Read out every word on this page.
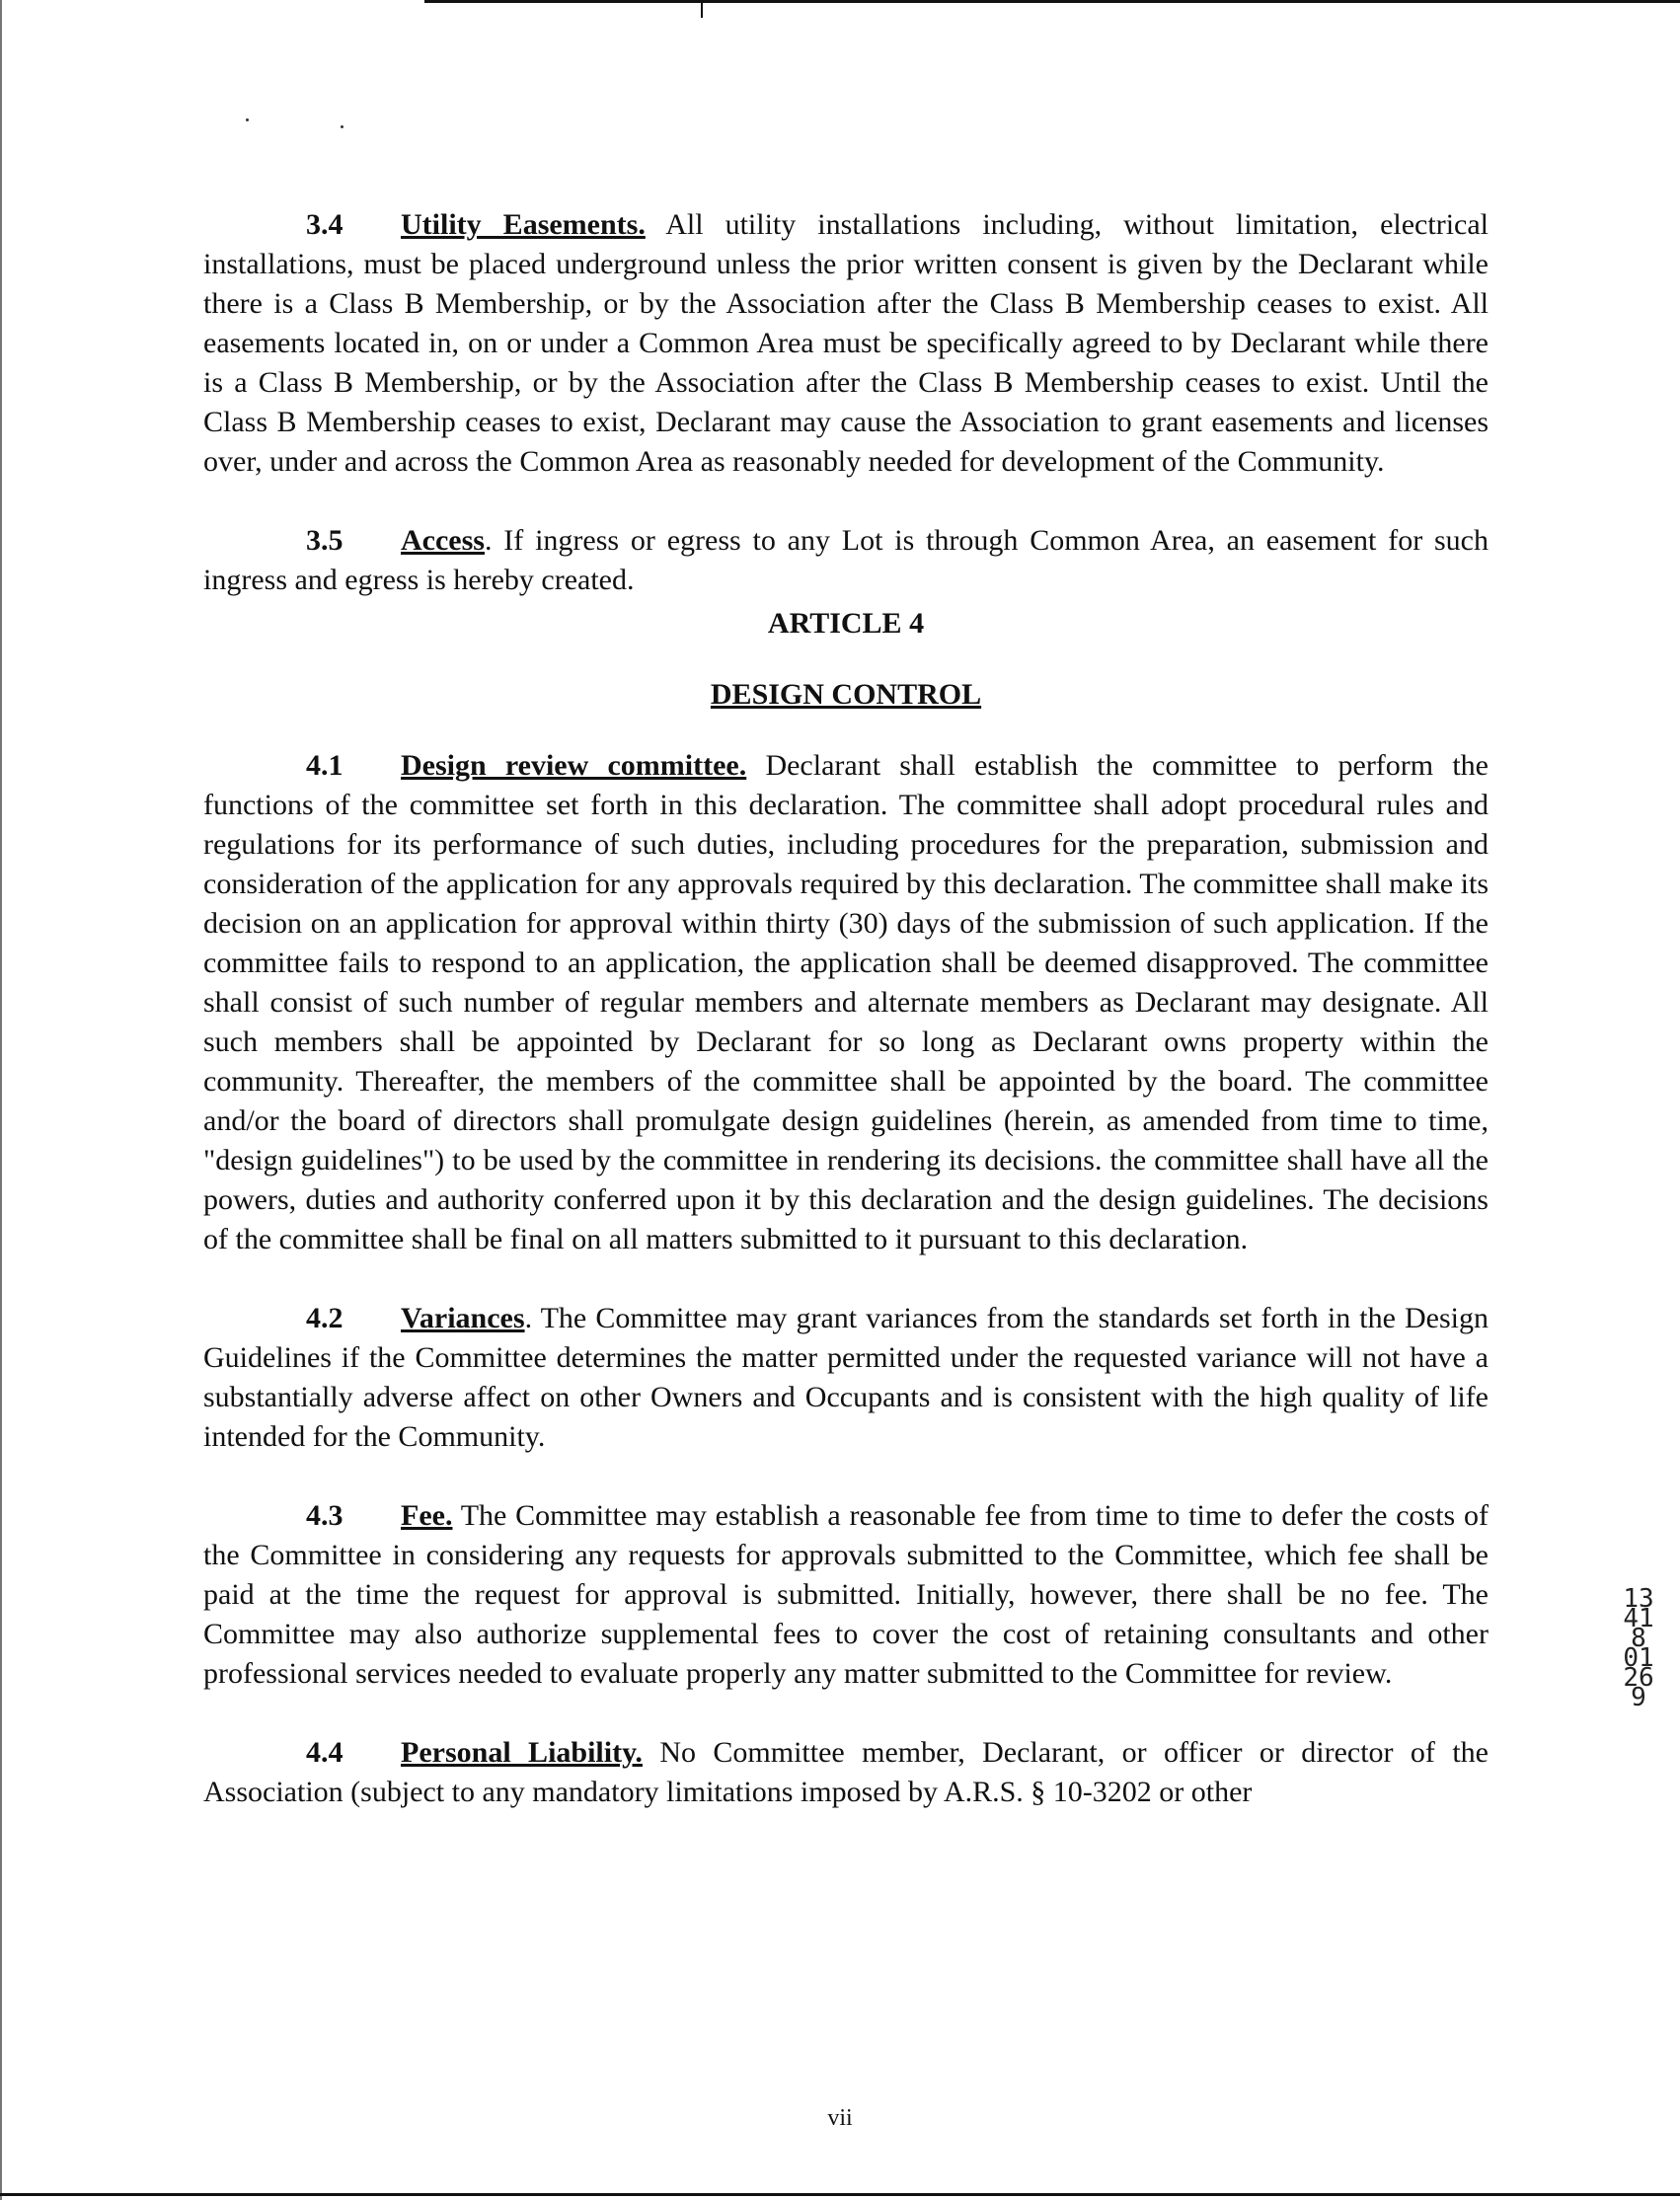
3.4 Utility Easements. All utility installations including, without limitation, electrical installations, must be placed underground unless the prior written consent is given by the Declarant while there is a Class B Membership, or by the Association after the Class B Membership ceases to exist. All easements located in, on or under a Common Area must be specifically agreed to by Declarant while there is a Class B Membership, or by the Association after the Class B Membership ceases to exist. Until the Class B Membership ceases to exist, Declarant may cause the Association to grant easements and licenses over, under and across the Common Area as reasonably needed for development of the Community.

3.5 Access. If ingress or egress to any Lot is through Common Area, an easement for such ingress and egress is hereby created.

ARTICLE 4

DESIGN CONTROL

4.1 Design review committee. Declarant shall establish the committee to perform the functions of the committee set forth in this declaration. The committee shall adopt procedural rules and regulations for its performance of such duties, including procedures for the preparation, submission and consideration of the application for any approvals required by this declaration. The committee shall make its decision on an application for approval within thirty (30) days of the submission of such application. If the committee fails to respond to an application, the application shall be deemed disapproved. The committee shall consist of such number of regular members and alternate members as Declarant may designate. All such members shall be appointed by Declarant for so long as Declarant owns property within the community. Thereafter, the members of the committee shall be appointed by the board. The committee and/or the board of directors shall promulgate design guidelines (herein, as amended from time to time, "design guidelines") to be used by the committee in rendering its decisions. the committee shall have all the powers, duties and authority conferred upon it by this declaration and the design guidelines. The decisions of the committee shall be final on all matters submitted to it pursuant to this declaration.

4.2 Variances. The Committee may grant variances from the standards set forth in the Design Guidelines if the Committee determines the matter permitted under the requested variance will not have a substantially adverse affect on other Owners and Occupants and is consistent with the high quality of life intended for the Community.

4.3 Fee. The Committee may establish a reasonable fee from time to time to defer the costs of the Committee in considering any requests for approvals submitted to the Committee, which fee shall be paid at the time the request for approval is submitted. Initially, however, there shall be no fee. The Committee may also authorize supplemental fees to cover the cost of retaining consultants and other professional services needed to evaluate properly any matter submitted to the Committee for review.

4.4 Personal Liability. No Committee member, Declarant, or officer or director of the Association (subject to any mandatory limitations imposed by A.R.S. § 10-3202 or other

13418 01269
vii
